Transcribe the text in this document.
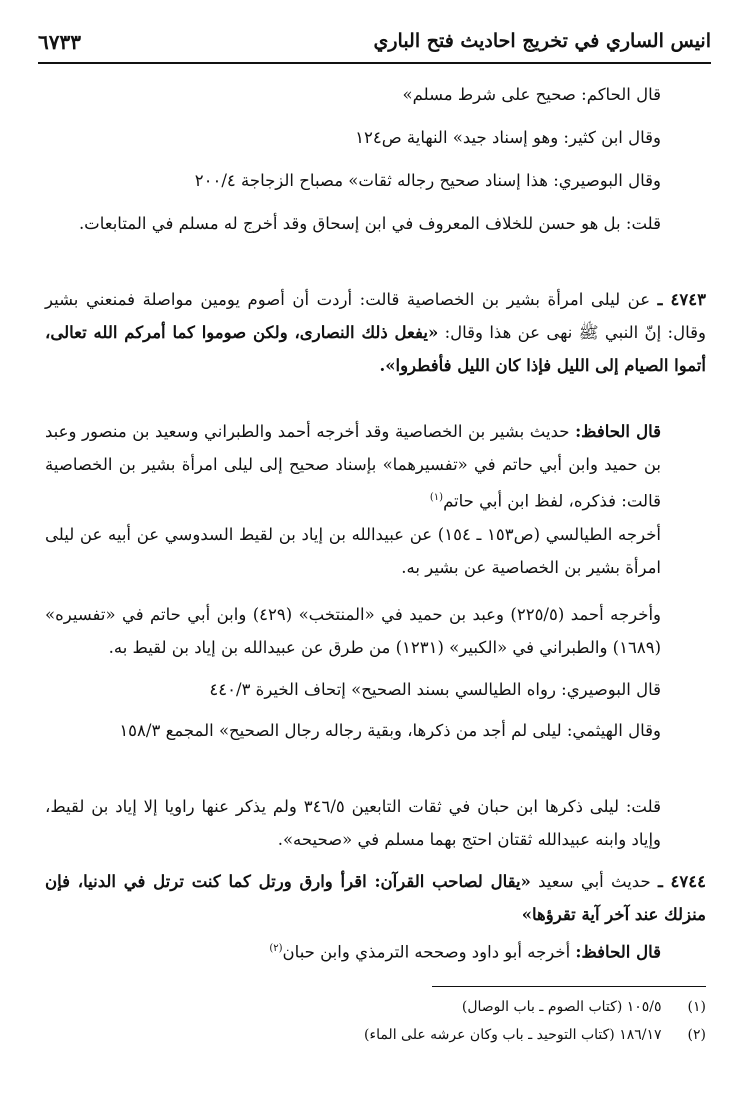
انيس الساري في تخريج احاديث فتح الباري
٦٧٣٣
قال الحاكم: صحيح على شرط مسلم»
وقال ابن كثير: وهو إسناد جيد» النهاية ص١٢٤
وقال البوصيري: هذا إسناد صحيح رجاله ثقات» مصباح الزجاجة ٢٠٠/٤
قلت: بل هو حسن للخلاف المعروف في ابن إسحاق وقد أخرج له مسلم في المتابعات.
٤٧٤٣ ـ عن ليلى امرأة بشير بن الخصاصية قالت: أردت أن أصوم يومين مواصلة فمنعني بشير وقال: إنّ النبي ﷺ نهى عن هذا وقال: «يفعل ذلك النصارى، ولكن صوموا كما أمركم الله تعالى، أتموا الصيام إلى الليل فإذا كان الليل فأفطروا».
قال الحافظ: حديث بشير بن الخصاصية وقد أخرجه أحمد والطبراني وسعيد بن منصور وعبد بن حميد وابن أبي حاتم في «تفسيرهما» بإسناد صحيح إلى ليلى امرأة بشير بن الخصاصية قالت: فذكره، لفظ ابن أبي حاتم$^{(١)}$
أخرجه الطيالسي (ص١٥٣ ـ ١٥٤) عن عبيدالله بن إياد بن لقيط السدوسي عن أبيه عن ليلى امرأة بشير بن الخصاصية عن بشير به.
وأخرجه أحمد (٢٢٥/٥) وعبد بن حميد في «المنتخب» (٤٢٩) وابن أبي حاتم في «تفسيره» (١٦٨٩) والطبراني في «الكبير» (١٢٣١) من طرق عن عبيدالله بن إياد بن لقيط به.
قال البوصيري: رواه الطيالسي بسند الصحيح» إتحاف الخيرة ٤٤٠/٣
وقال الهيثمي: ليلى لم أجد من ذكرها، وبقية رجاله رجال الصحيح» المجمع ١٥٨/٣
قلت: ليلى ذكرها ابن حبان في ثقات التابعين ٣٤٦/٥ ولم يذكر عنها راويا إلا إياد بن لقيط، وإياد وابنه عبيدالله ثقتان احتج بهما مسلم في «صحيحه».
٤٧٤٤ ـ حديث أبي سعيد «يقال لصاحب القرآن: اقرأ وارق ورتل كما كنت ترتل في الدنيا، فإن منزلك عند آخر آية تقرؤها»
قال الحافظ: أخرجه أبو داود وصححه الترمذي وابن حبان$^{(٢)}$
(١) ١٠٥/٥ (كتاب الصوم ـ باب الوصال)
(٢) ١٨٦/١٧ (كتاب التوحيد ـ باب وكان عرشه على الماء)
